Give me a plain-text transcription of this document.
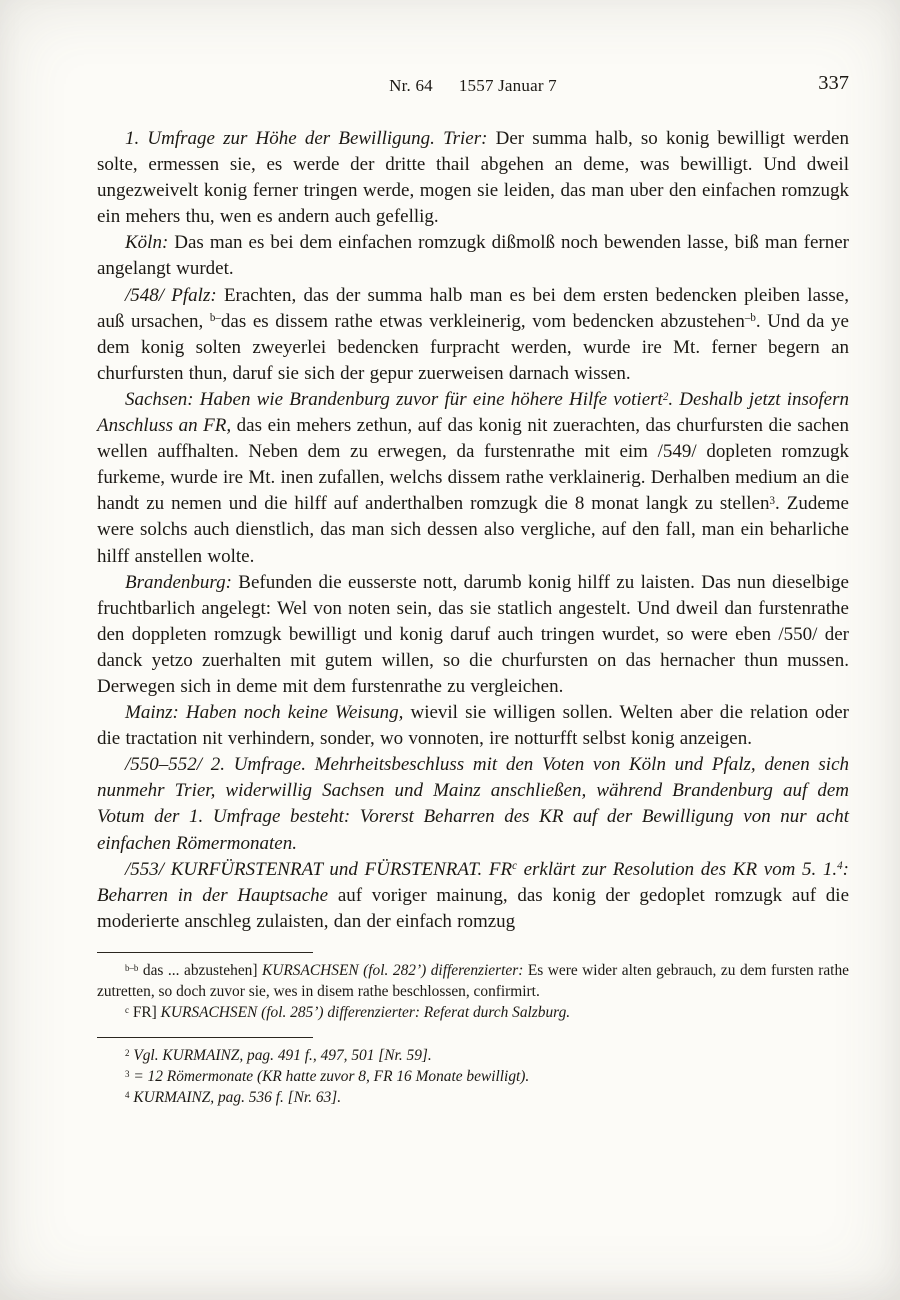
Nr. 64 1557 Januar 7	337

1. Umfrage zur Höhe der Bewilligung. Trier: Der summa halb, so konig bewilligt werden solte, ermessen sie, es werde der dritte thail abgehen an deme, was bewilligt. Und dweil ungezweivelt konig ferner tringen werde, mogen sie leiden, das man uber den einfachen romzugk ein mehers thu, wen es andern auch gefellig.

Köln: Das man es bei dem einfachen romzugk dißmolß noch bewenden lasse, biß man ferner angelangt wurdet.

/548/ Pfalz: Erachten, das der summa halb man es bei dem ersten bedencken pleiben lasse, auß ursachen, $^{b-}$das es dissem rathe etwas verkleinerig, vom bedencken abzustehen$^{-b}$. Und da ye dem konig solten zweyerlei bedencken furpracht werden, wurde ire Mt. ferner begern an churfursten thun, daruf sie sich der gepur zuerweisen darnach wissen.

Sachsen: Haben wie Brandenburg zuvor für eine höhere Hilfe votiert$^2$. Deshalb jetzt insofern Anschluss an FR, das ein mehers zethun, auf das konig nit zuerachten, das churfursten die sachen wellen auffhalten. Neben dem zu erwegen, da furstenrathe mit eim /549/ dopleten romzugk furkeme, wurde ire Mt. inen zufallen, welchs dissem rathe verklainerig. Derhalben medium an die handt zu nemen und die hilff auf anderthalben romzugk die 8 monat langk zu stellen$^3$. Zudeme were solchs auch dienstlich, das man sich dessen also vergliche, auf den fall, man ein beharliche hilff anstellen wolte.

Brandenburg: Befunden die eusserste nott, darumb konig hilff zu laisten. Das nun dieselbige fruchtbarlich angelegt: Wel von noten sein, das sie statlich angestelt. Und dweil dan furstenrathe den doppleten romzugk bewilligt und konig daruf auch tringen wurdet, so were eben /550/ der danck yetzo zuerhalten mit gutem willen, so die churfursten on das hernacher thun mussen. Derwegen sich in deme mit dem furstenrathe zu vergleichen.

Mainz: Haben noch keine Weisung, wievil sie willigen sollen. Welten aber die relation oder die tractation nit verhindern, sonder, wo vonnoten, ire notturfft selbst konig anzeigen.

/550–552/ 2. Umfrage. Mehrheitsbeschluss mit den Voten von Köln und Pfalz, denen sich nunmehr Trier, widerwillig Sachsen und Mainz anschließen, während Brandenburg auf dem Votum der 1. Umfrage besteht: Vorerst Beharren des KR auf der Bewilligung von nur acht einfachen Römermonaten.

/553/ KURFÜRSTENRAT und FÜRSTENRAT. $FR^c$ erklärt zur Resolution des KR vom 5. 1.$^4$: Beharren in der Hauptsache auf voriger mainung, das konig der gedoplet romzugk auf die moderierte anschleg zulaisten, dan der einfach romzug

$^{b-b}$ das ... abzustehen] KURSACHSEN (fol. 282’) differenzierter: Es were wider alten gebrauch, zu dem fursten rathe zutretten, so doch zuvor sie, wes in disem rathe beschlossen, confirmirt.

$^c$ FR] KURSACHSEN (fol. 285’) differenzierter: Referat durch Salzburg.

$^2$ Vgl. KURMAINZ, pag. 491 f., 497, 501 [Nr. 59].

$^3$ = 12 Römermonate (KR hatte zuvor 8, FR 16 Monate bewilligt).

$^4$ KURMAINZ, pag. 536 f. [Nr. 63].
